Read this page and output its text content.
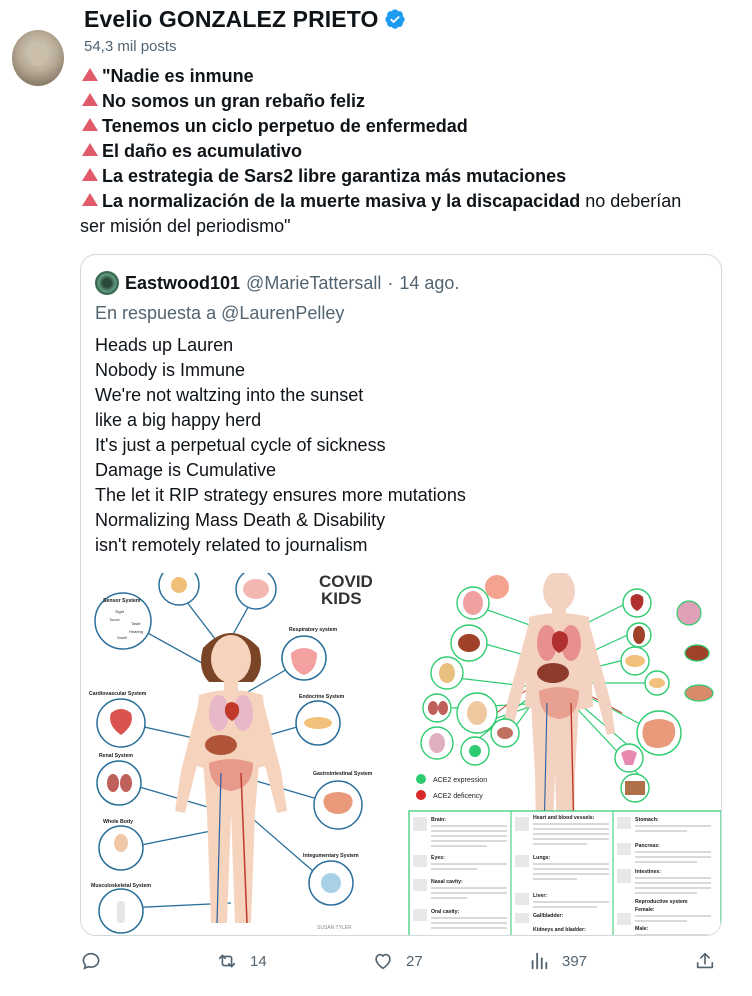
Evelio GONZALEZ PRIETO
54,3 mil posts
"Nadie es inmune
No somos un gran rebaño feliz
Tenemos un ciclo perpetuo de enfermedad
El daño es acumulativo
La estrategia de Sars2 libre garantiza más mutaciones
La normalización de la muerte masiva y la discapacidad no deberían
ser misión del periodismo"
Eastwood101 @MarieTattersall · 14 ago.
En respuesta a @LaurenPelley
Heads up Lauren
Nobody is Immune
We're not waltzing into the sunset
like a big happy herd
It's just a perpetual cycle of sickness
Damage is Cumulative
The let it RIP strategy ensures more mutations
Normalizing Mass Death & Disability
isn't remotely related to journalism
Sensor System
Cardiovascular System
Renal System
Whole Body
Musculoskeletal System
Respiratory system
Endocrine System
Gastrointestinal System
Integumentary System
Sight
Touch
Taste
Hearing
Smell
COVID
KIDS
SUSAN TYLER
ACE2 expression
ACE2 deficency
Brain:
Eyes:
Nasal cavity:
Oral cavity:
Heart and blood vessels:
Lungs:
Liver:
Gallbladder:
Kidneys and bladder:
Stomach:
Pancreas:
Intestines:
Reproductive system
Female:
Male:
14	27	397
